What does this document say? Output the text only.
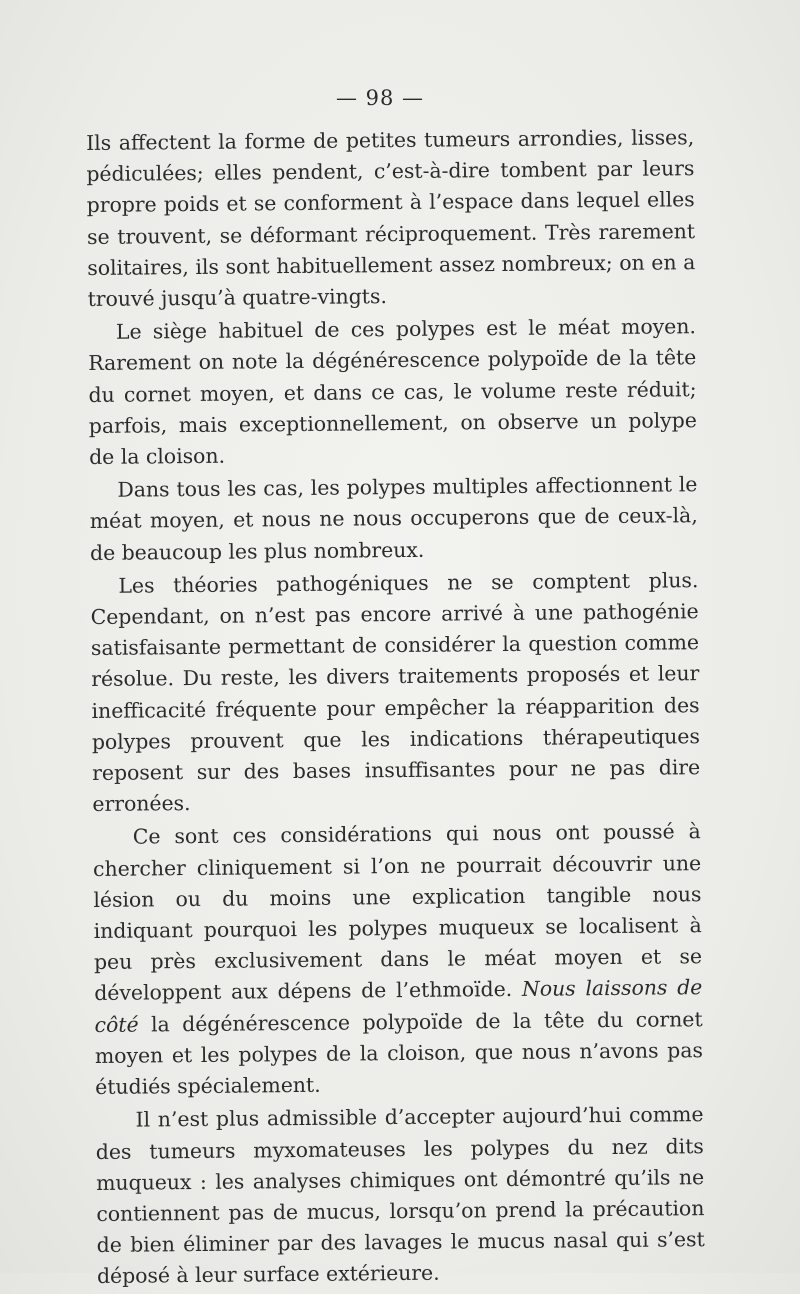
— 98 —

Ils affectent la forme de petites tumeurs arrondies, lisses, pédiculées; elles pendent, c’est-à-dire tombent par leurs propre poids et se conforment à l’espace dans lequel elles se trouvent, se déformant réciproquement. Très rarement solitaires, ils sont habituellement assez nombreux; on en a trouvé jusqu’à quatre-vingts.

Le siège habituel de ces polypes est le méat moyen. Rarement on note la dégénérescence polypoïde de la tête du cornet moyen, et dans ce cas, le volume reste réduit; parfois, mais exceptionnellement, on observe un polype de la cloison.

Dans tous les cas, les polypes multiples affectionnent le méat moyen, et nous ne nous occuperons que de ceux-là, de beaucoup les plus nombreux.

Les théories pathogéniques ne se comptent plus. Cependant, on n’est pas encore arrivé à une pathogénie satisfaisante permettant de considérer la question comme résolue. Du reste, les divers traitements proposés et leur inefficacité fréquente pour empêcher la réapparition des polypes prouvent que les indications thérapeutiques reposent sur des bases insuffisantes pour ne pas dire erronées.

Ce sont ces considérations qui nous ont poussé à chercher cliniquement si l’on ne pourrait découvrir une lésion ou du moins une explication tangible nous indiquant pourquoi les polypes muqueux se localisent à peu près exclusivement dans le méat moyen et se développent aux dépens de l’ethmoïde. Nous laissons de côté la dégénérescence polypoïde de la tête du cornet moyen et les polypes de la cloison, que nous n’avons pas étudiés spécialement.

Il n’est plus admissible d’accepter aujourd’hui comme des tumeurs myxomateuses les polypes du nez dits muqueux : les analyses chimiques ont démontré qu’ils ne contiennent pas de mucus, lorsqu’on prend la précaution de bien éliminer par des lavages le mucus nasal qui s’est déposé à leur surface extérieure.
